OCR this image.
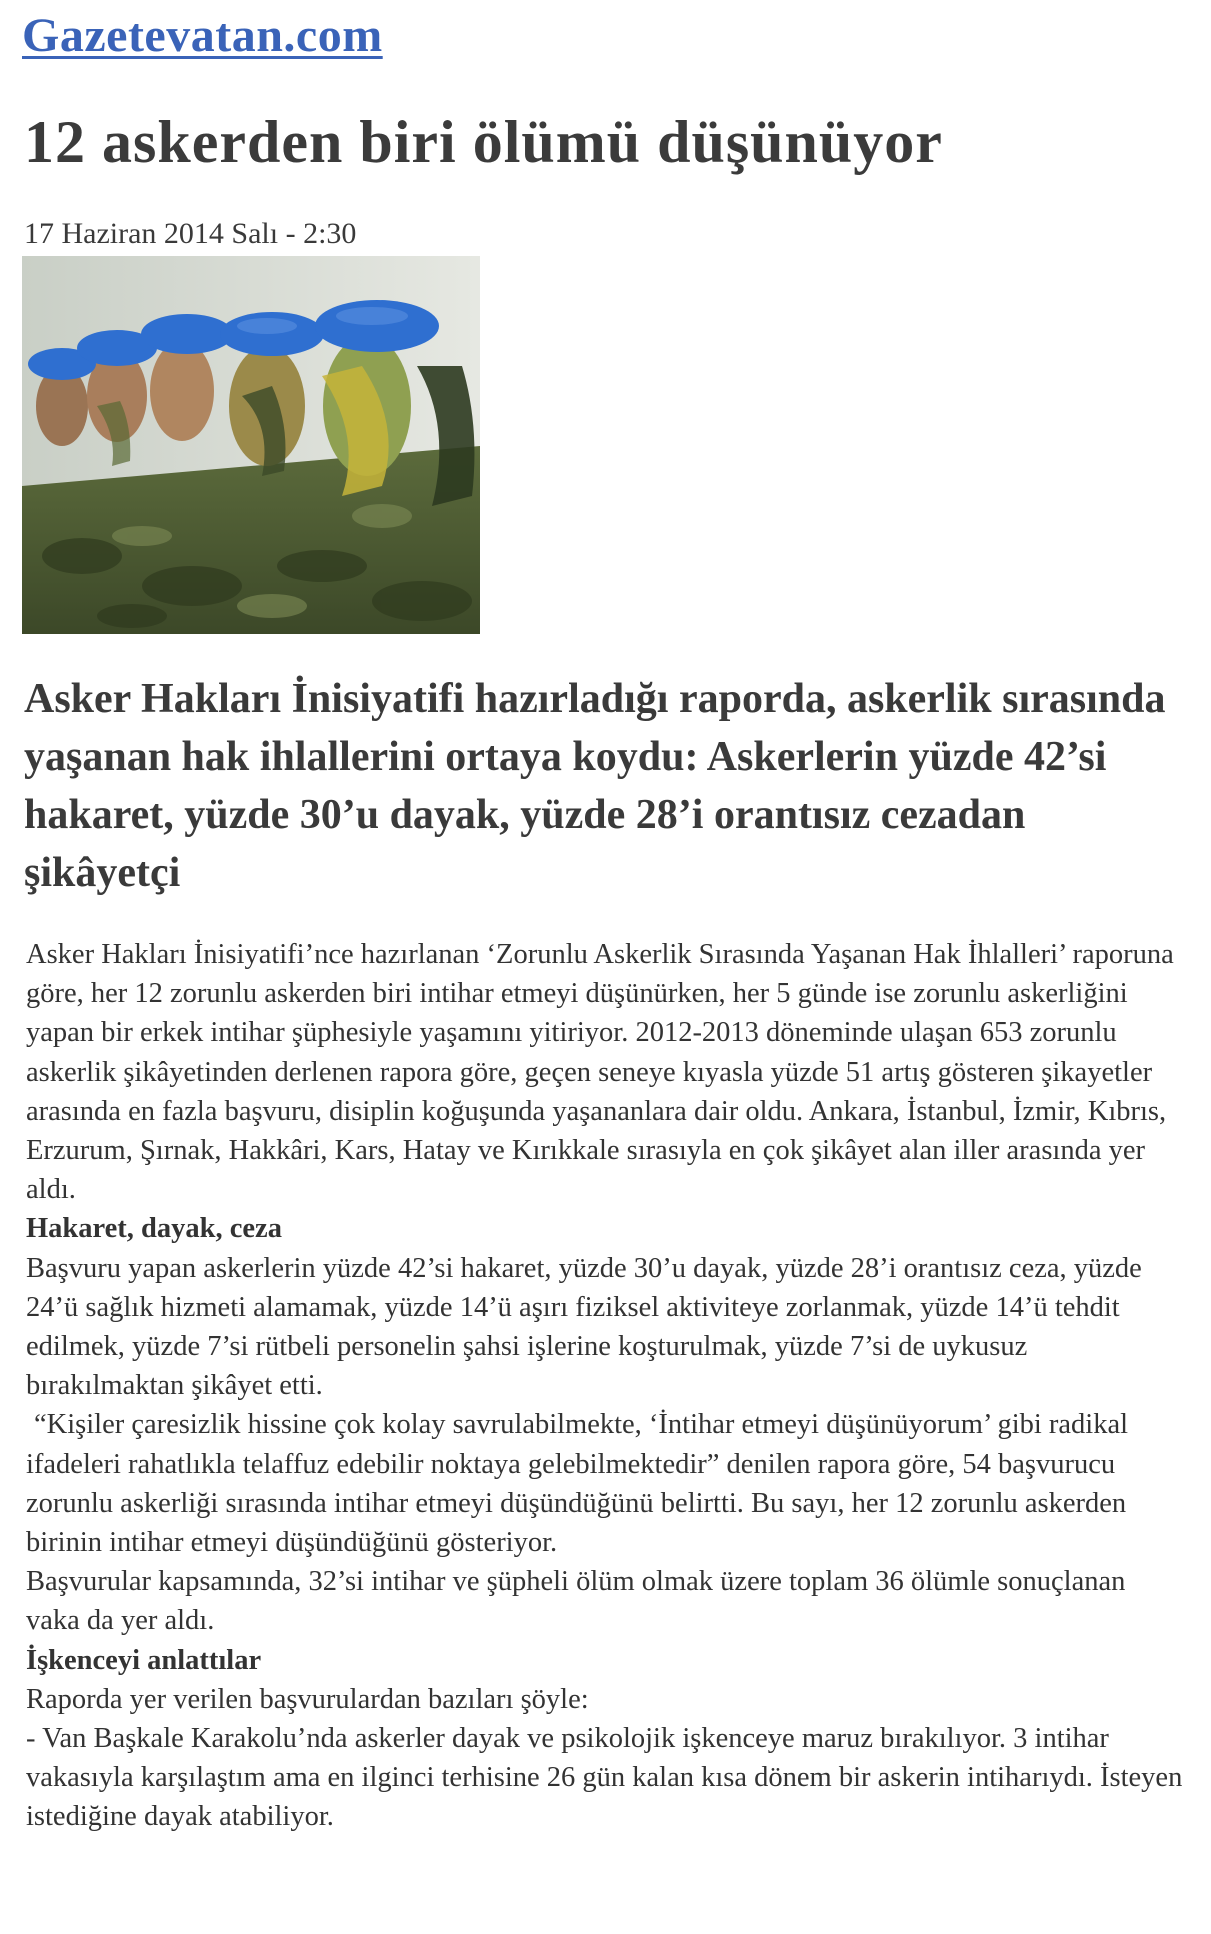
Gazetevatan.com
12 askerden biri ölümü düşünüyor
17 Haziran 2014 Salı - 2:30
Asker Hakları İnisiyatifi hazırladığı raporda, askerlik sırasında yaşanan hak ihlallerini ortaya koydu: Askerlerin yüzde 42’si hakaret, yüzde 30’u dayak, yüzde 28’i orantısız cezadan şikâyetçi

Asker Hakları İnisiyatifi’nce hazırlanan ‘Zorunlu Askerlik Sırasında Yaşanan Hak İhlalleri’ raporuna göre, her 12 zorunlu askerden biri intihar etmeyi düşünürken, her 5 günde ise zorunlu askerliğini yapan bir erkek intihar şüphesiyle yaşamını yitiriyor. 2012-2013 döneminde ulaşan 653 zorunlu askerlik şikâyetinden derlenen rapora göre, geçen seneye kıyasla yüzde 51 artış gösteren şikayetler arasında en fazla başvuru, disiplin koğuşunda yaşananlara dair oldu. Ankara, İstanbul, İzmir, Kıbrıs, Erzurum, Şırnak, Hakkâri, Kars, Hatay ve Kırıkkale sırasıyla en çok şikâyet alan iller arasında yer aldı.

Hakaret, dayak, ceza

Başvuru yapan askerlerin yüzde 42’si hakaret, yüzde 30’u dayak, yüzde 28’i orantısız ceza, yüzde 24’ü sağlık hizmeti alamamak, yüzde 14’ü aşırı fiziksel aktiviteye zorlanmak, yüzde 14’ü tehdit edilmek, yüzde 7’si rütbeli personelin şahsi işlerine koşturulmak, yüzde 7’si de uykusuz bırakılmaktan şikâyet etti.

“Kişiler çaresizlik hissine çok kolay savrulabilmekte, ‘İntihar etmeyi düşünüyorum’ gibi radikal ifadeleri rahatlıkla telaffuz edebilir noktaya gelebilmektedir” denilen rapora göre, 54 başvurucu zorunlu askerliği sırasında intihar etmeyi düşündüğünü belirtti. Bu sayı, her 12 zorunlu askerden birinin intihar etmeyi düşündüğünü gösteriyor.

Başvurular kapsamında, 32’si intihar ve şüpheli ölüm olmak üzere toplam 36 ölümle sonuçlanan vaka da yer aldı.

İşkenceyi anlattılar

Raporda yer verilen başvurulardan bazıları şöyle:

- Van Başkale Karakolu’nda askerler dayak ve psikolojik işkenceye maruz bırakılıyor. 3 intihar vakasıyla karşılaştım ama en ilginci terhisine 26 gün kalan kısa dönem bir askerin intiharıydı. İsteyen istediğine dayak atabiliyor.
